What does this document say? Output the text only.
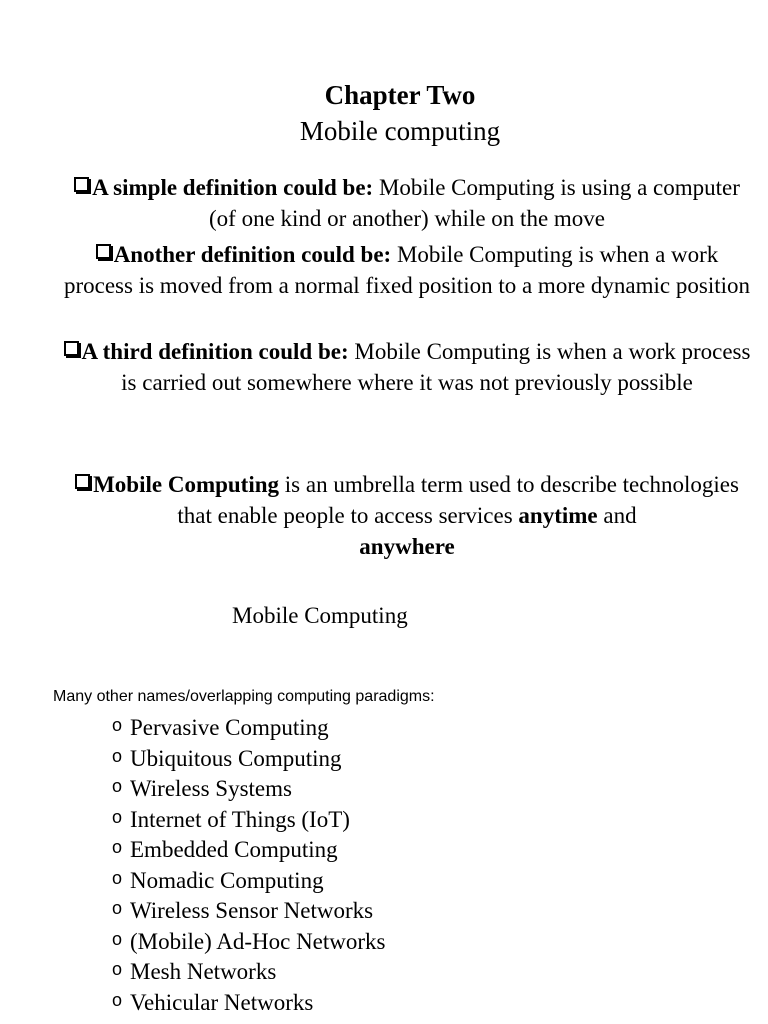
Chapter Two
Mobile computing

A simple definition could be: Mobile Computing is using a computer (of one kind or another) while on the move

Another definition could be: Mobile Computing is when a work process is moved from a normal fixed position to a more dynamic position

A third definition could be: Mobile Computing is when a work process is carried out somewhere where it was not previously possible

Mobile Computing is an umbrella term used to describe technologies that enable people to access services anytime and
anywhere

Mobile Computing
Many other names/overlapping computing paradigms:
o Pervasive Computing
o Ubiquitous Computing
o Wireless Systems
o Internet of Things (IoT)
o Embedded Computing
o Nomadic Computing
o Wireless Sensor Networks
o (Mobile) Ad-Hoc Networks
o Mesh Networks
o Vehicular Networks
